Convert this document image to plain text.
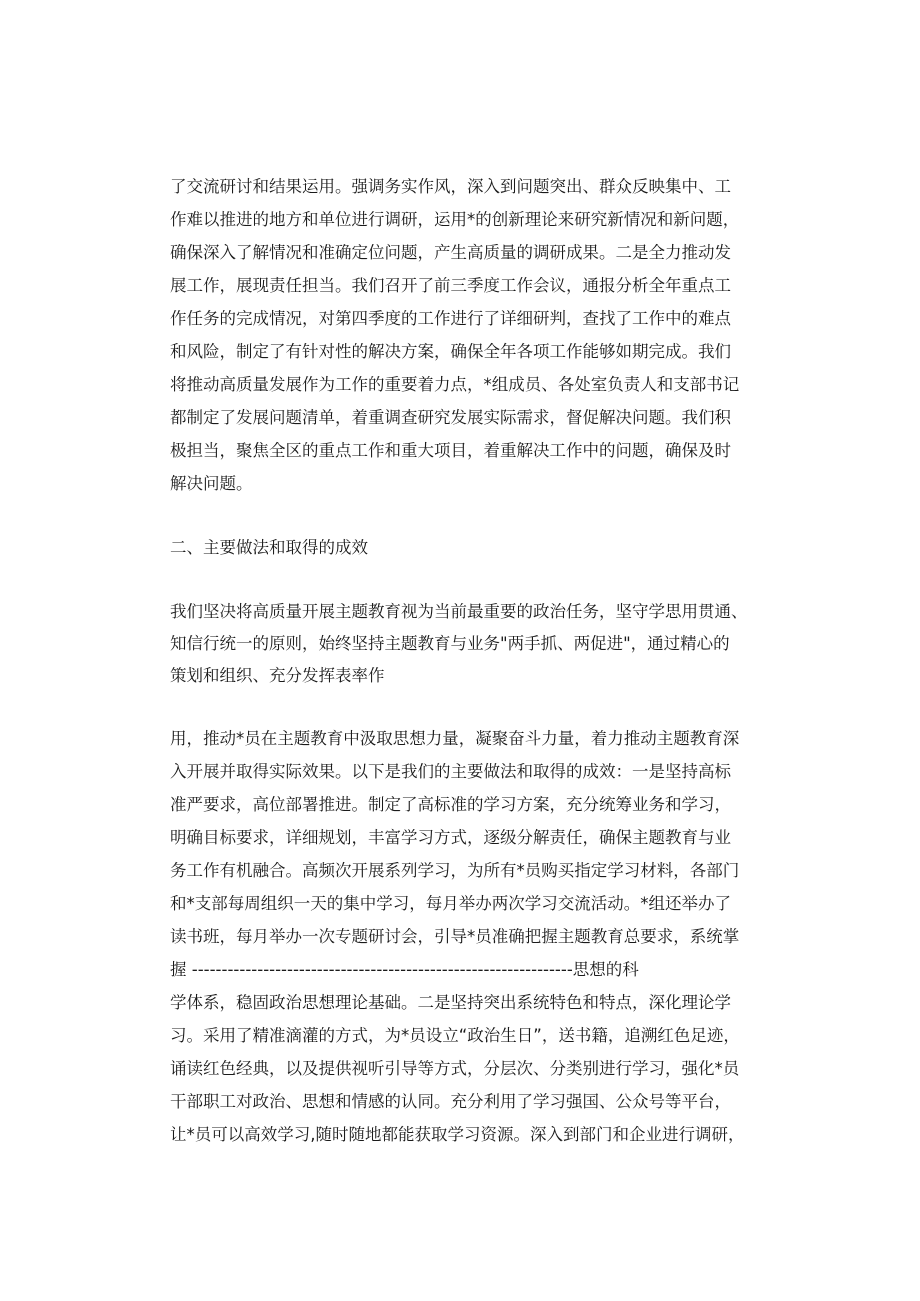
了交流研讨和结果运用。强调务实作风，深入到问题突出、群众反映集中、工
作难以推进的地方和单位进行调研，运用*的创新理论来研究新情况和新问题，
确保深入了解情况和准确定位问题，产生高质量的调研成果。二是全力推动发
展工作，展现责任担当。我们召开了前三季度工作会议，通报分析全年重点工
作任务的完成情况，对第四季度的工作进行了详细研判，查找了工作中的难点
和风险，制定了有针对性的解决方案，确保全年各项工作能够如期完成。我们
将推动高质量发展作为工作的重要着力点，*组成员、各处室负责人和支部书记
都制定了发展问题清单，着重调查研究发展实际需求，督促解决问题。我们积
极担当，聚焦全区的重点工作和重大项目，着重解决工作中的问题，确保及时
解决问题。
二、主要做法和取得的成效
我们坚决将高质量开展主题教育视为当前最重要的政治任务，坚守学思用贯通、
知信行统一的原则，始终坚持主题教育与业务"两手抓、两促进"，通过精心的
策划和组织、充分发挥表率作
用，推动*员在主题教育中汲取思想力量，凝聚奋斗力量，着力推动主题教育深
入开展并取得实际效果。以下是我们的主要做法和取得的成效：一是坚持高标
准严要求，高位部署推进。制定了高标准的学习方案，充分统筹业务和学习，
明确目标要求，详细规划，丰富学习方式，逐级分解责任，确保主题教育与业
务工作有机融合。高频次开展系列学习，为所有*员购买指定学习材料，各部门
和*支部每周组织一天的集中学习，每月举办两次学习交流活动。*组还举办了
读书班，每月举办一次专题研讨会，引导*员准确把握主题教育总要求，系统掌
握 ----------------------------------------------------------------思想的科
学体系，稳固政治思想理论基础。二是坚持突出系统特色和特点，深化理论学
习。采用了精准滴灌的方式，为*员设立“政治生日”，送书籍，追溯红色足迹，
诵读红色经典，以及提供视听引导等方式，分层次、分类别进行学习，强化*员
干部职工对政治、思想和情感的认同。充分利用了学习强国、公众号等平台，
让*员可以高效学习,随时随地都能获取学习资源。深入到部门和企业进行调研，
